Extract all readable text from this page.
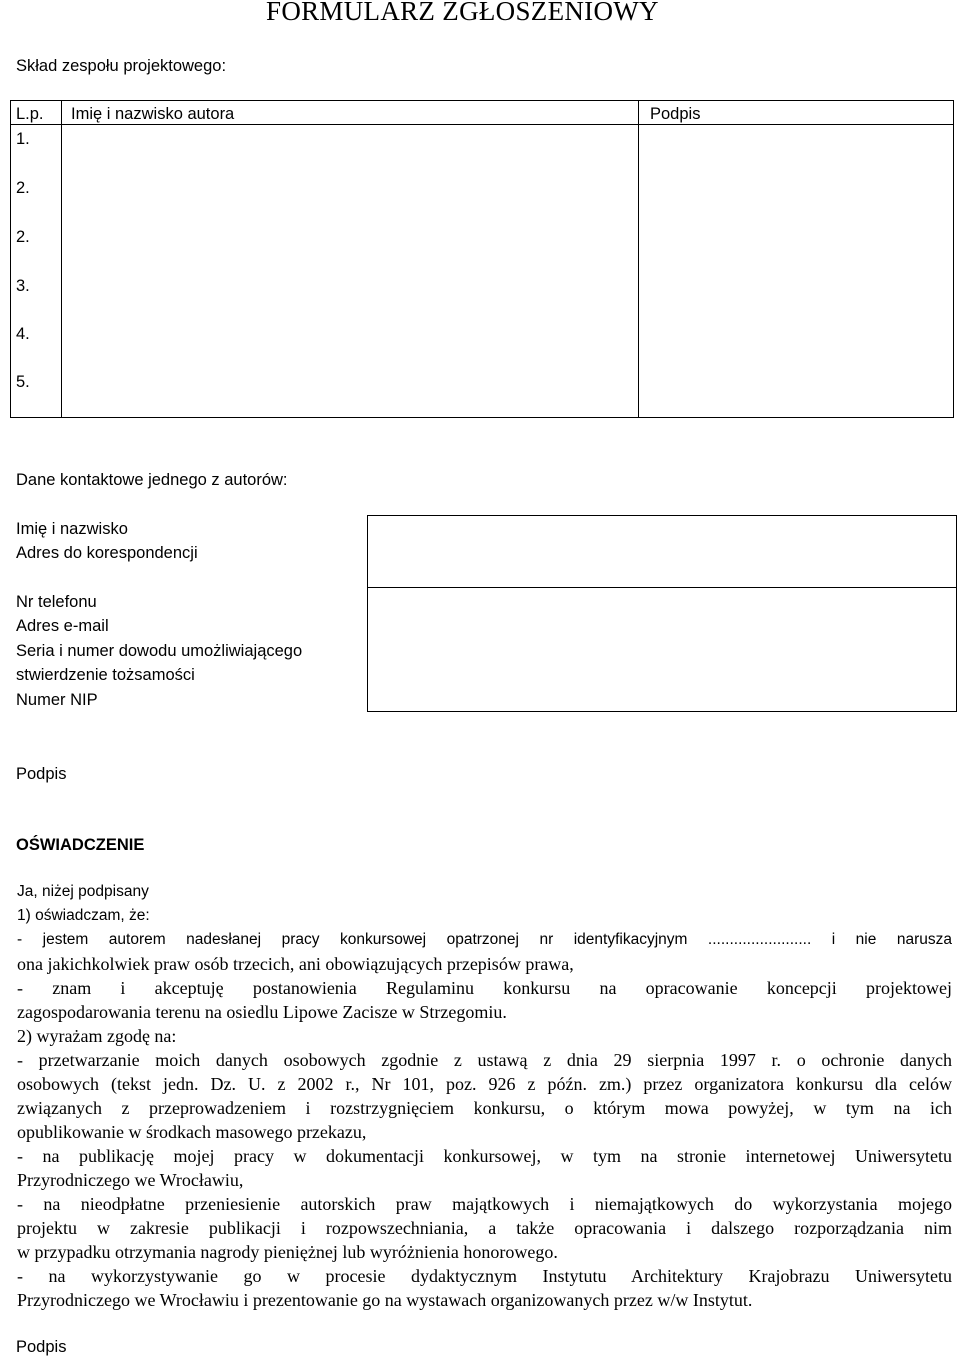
FORMULARZ ZGŁOSZENIOWY
Skład zespołu projektowego:
L.p. Imię i nazwisko autora	Podpis
1.
2.
2.
3.
4.
5.
Dane kontaktowe jednego z autorów:
Imię i nazwisko
Adres do korespondencji
Nr telefonu
Adres e-mail
Seria i numer dowodu umożliwiającego
stwierdzenie tożsamości
Numer NIP
Podpis
OŚWIADCZENIE
Ja, niżej podpisany
1) oświadczam, że:
- jestem autorem nadesłanej pracy konkursowej opatrzonej nr identyfikacyjnym ........................ i nie narusza
ona jakichkolwiek praw osób trzecich, ani obowiązujących przepisów prawa,
- znam i akceptuję postanowienia Regulaminu konkursu na opracowanie koncepcji projektowej
zagospodarowania terenu na osiedlu Lipowe Zacisze w Strzegomiu.
2) wyrażam zgodę na:
- przetwarzanie moich danych osobowych zgodnie z ustawą z dnia 29 sierpnia 1997 r. o ochronie danych
osobowych (tekst jedn. Dz. U. z 2002 r., Nr 101, poz. 926 z późn. zm.) przez organizatora konkursu dla celów
związanych z przeprowadzeniem i rozstrzygnięciem konkursu, o którym mowa powyżej, w tym na ich
opublikowanie w środkach masowego przekazu,
- na publikację mojej pracy w dokumentacji konkursowej, w tym na stronie internetowej Uniwersytetu
Przyrodniczego we Wrocławiu,
- na nieodpłatne przeniesienie autorskich praw majątkowych i niemajątkowych do wykorzystania mojego
projektu w zakresie publikacji i rozpowszechniania, a także opracowania i dalszego rozporządzania nim
w przypadku otrzymania nagrody pieniężnej lub wyróżnienia honorowego.
- na wykorzystywanie go w procesie dydaktycznym Instytutu Architektury Krajobrazu Uniwersytetu
Przyrodniczego we Wrocławiu i prezentowanie go na wystawach organizowanych przez w/w Instytut.
Podpis
